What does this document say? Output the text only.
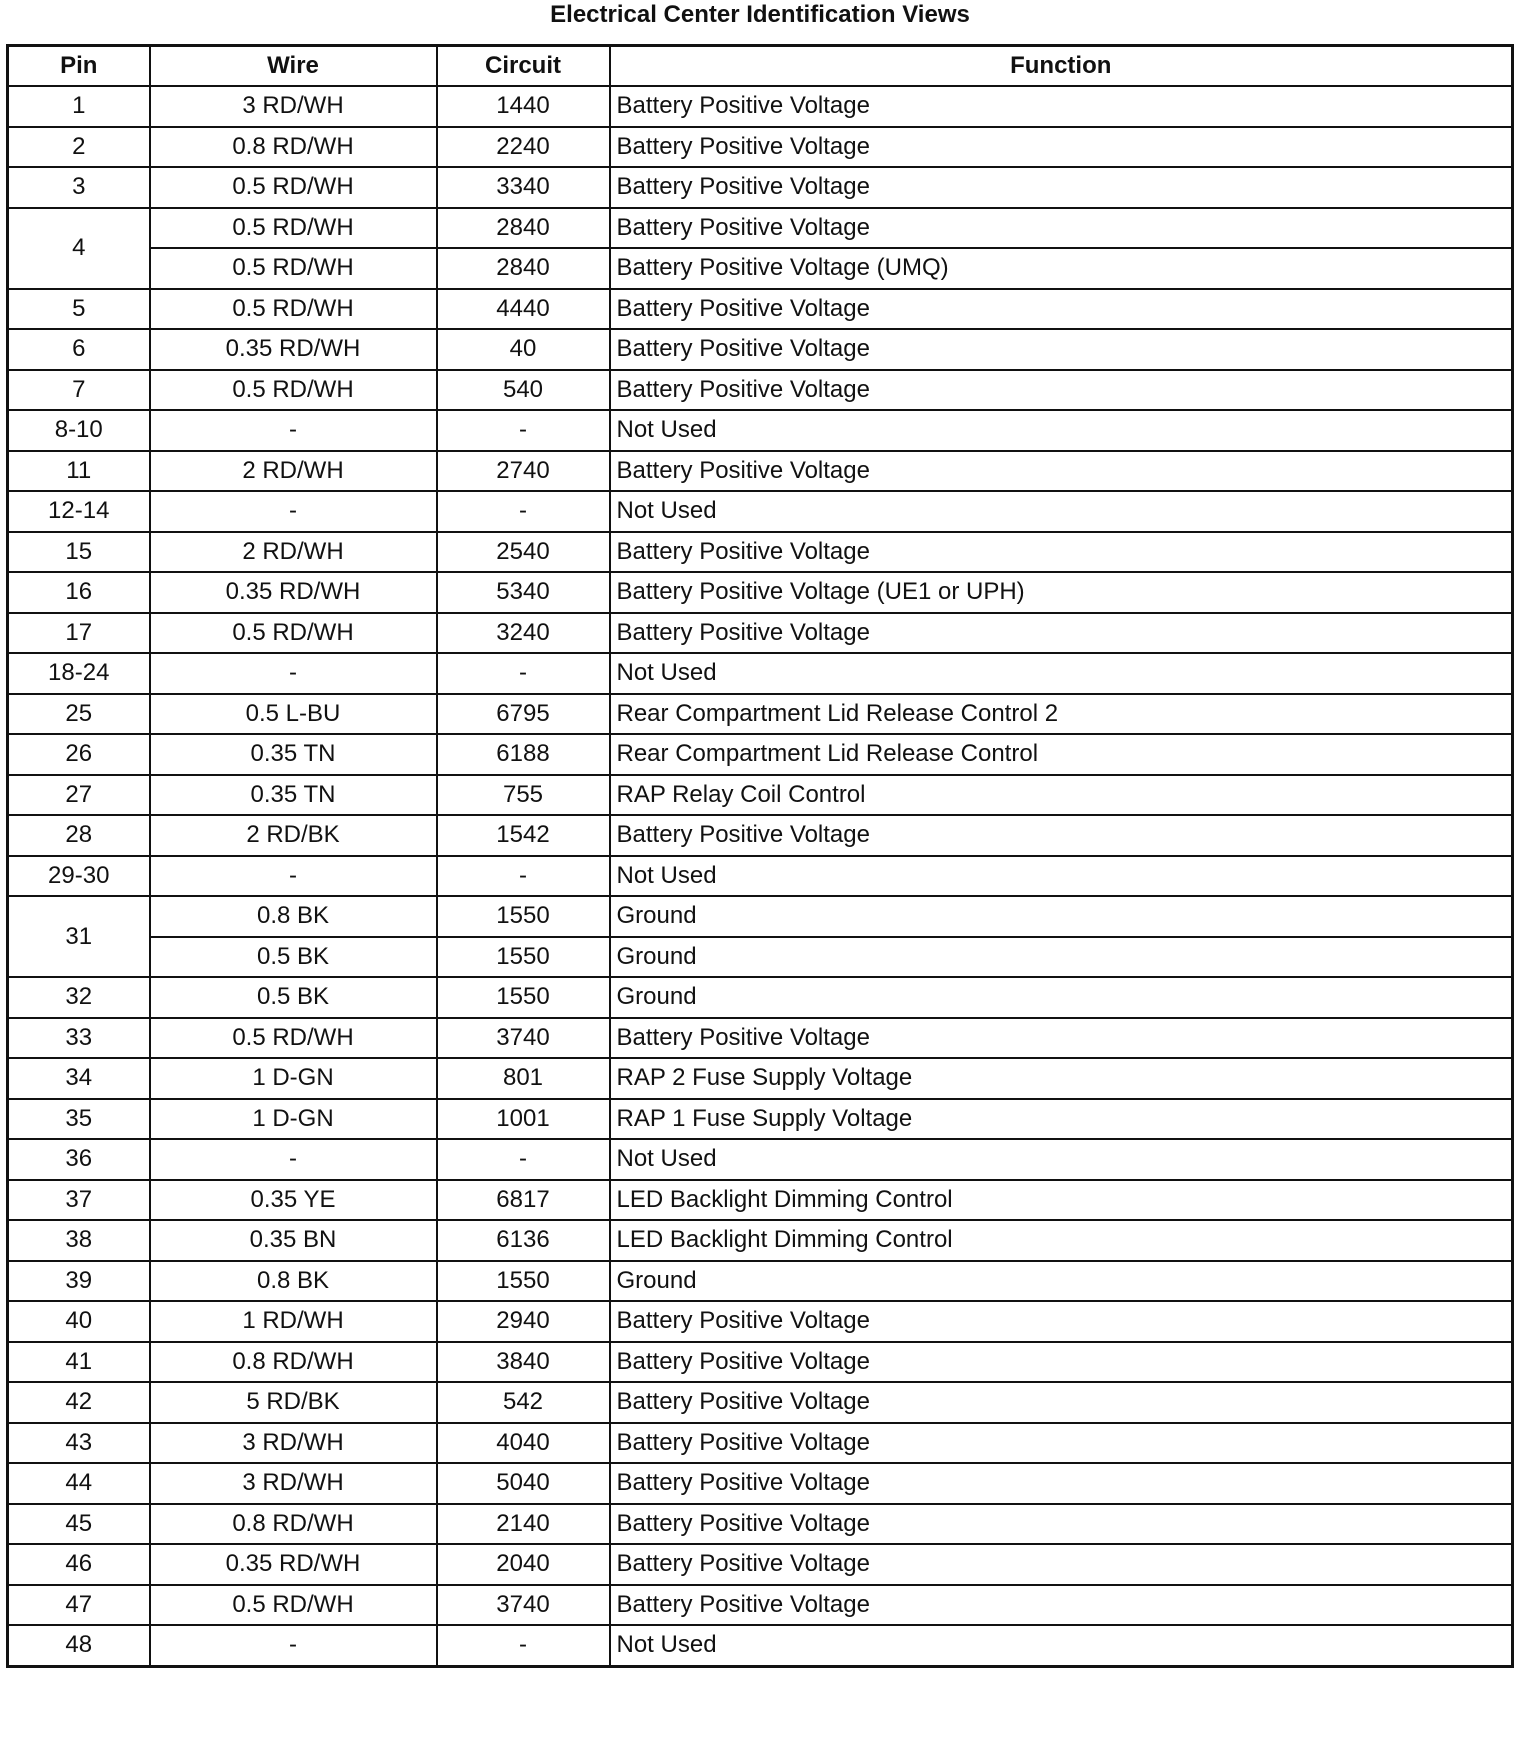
Electrical Center Identification Views
Pin	Wire	Circuit	Function
1	3 RD/WH	1440	Battery Positive Voltage
2	0.8 RD/WH	2240	Battery Positive Voltage
3	0.5 RD/WH	3340	Battery Positive Voltage
4	0.5 RD/WH	2840	Battery Positive Voltage
	0.5 RD/WH	2840	Battery Positive Voltage (UMQ)
5	0.5 RD/WH	4440	Battery Positive Voltage
6	0.35 RD/WH	40	Battery Positive Voltage
7	0.5 RD/WH	540	Battery Positive Voltage
8-10	-	-	Not Used
11	2 RD/WH	2740	Battery Positive Voltage
12-14	-	-	Not Used
15	2 RD/WH	2540	Battery Positive Voltage
16	0.35 RD/WH	5340	Battery Positive Voltage (UE1 or UPH)
17	0.5 RD/WH	3240	Battery Positive Voltage
18-24	-	-	Not Used
25	0.5 L-BU	6795	Rear Compartment Lid Release Control 2
26	0.35 TN	6188	Rear Compartment Lid Release Control
27	0.35 TN	755	RAP Relay Coil Control
28	2 RD/BK	1542	Battery Positive Voltage
29-30	-	-	Not Used
31	0.8 BK	1550	Ground
	0.5 BK	1550	Ground
32	0.5 BK	1550	Ground
33	0.5 RD/WH	3740	Battery Positive Voltage
34	1 D-GN	801	RAP 2 Fuse Supply Voltage
35	1 D-GN	1001	RAP 1 Fuse Supply Voltage
36	-	-	Not Used
37	0.35 YE	6817	LED Backlight Dimming Control
38	0.35 BN	6136	LED Backlight Dimming Control
39	0.8 BK	1550	Ground
40	1 RD/WH	2940	Battery Positive Voltage
41	0.8 RD/WH	3840	Battery Positive Voltage
42	5 RD/BK	542	Battery Positive Voltage
43	3 RD/WH	4040	Battery Positive Voltage
44	3 RD/WH	5040	Battery Positive Voltage
45	0.8 RD/WH	2140	Battery Positive Voltage
46	0.35 RD/WH	2040	Battery Positive Voltage
47	0.5 RD/WH	3740	Battery Positive Voltage
48	-	-	Not Used
